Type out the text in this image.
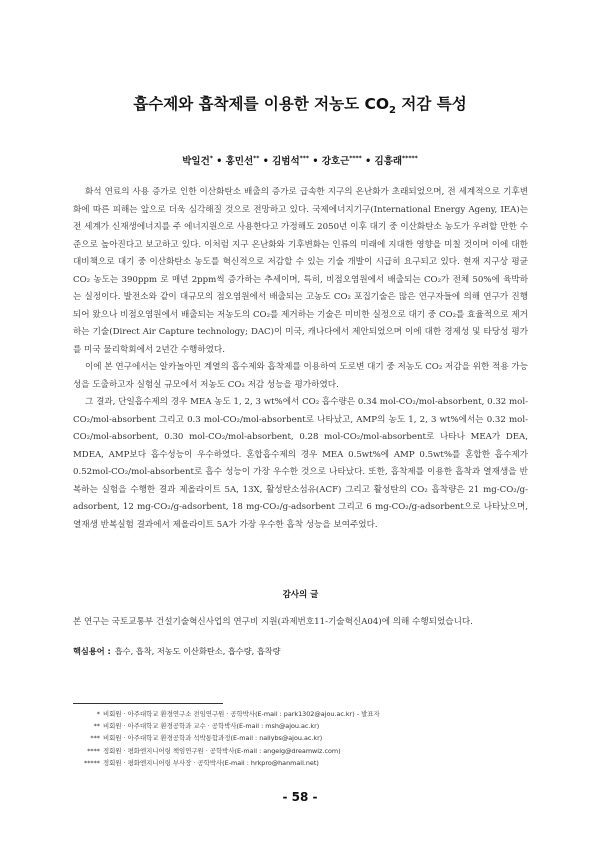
흡수제와 흡착제를 이용한 저농도 $CO_2$ 저감 특성
박일건* • 홍민선** • 김범석*** • 강호근**** • 김흥래*****

화석 연료의 사용 증가로 인한 이산화탄소 배출의 증가로 급속한 지구의 온난화가 초래되었으며, 전 세계적으로 기후변화에 따른 피해는 앞으로 더욱 심각해질 것으로 전망하고 있다. 국제에너지기구(International Energy Ageny, IEA)는 전 세계가 신재생에너지를 주 에너지원으로 사용한다고 가정해도 2050년 이후 대기 중 이산화탄소 농도가 우려할 만한 수준으로 높아진다고 보고하고 있다. 이처럼 지구 온난화와 기후변화는 인류의 미래에 지대한 영향을 미칠 것이며 이에 대한 대비책으로 대기 중 이산화탄소 농도를 혁신적으로 저감할 수 있는 기술 개발이 시급히 요구되고 있다. 현재 지구상 평균 CO₂ 농도는 390ppm 로 매년 2ppm씩 증가하는 추세이며, 특히, 비점오염원에서 배출되는 CO₂가 전체 50%에 육박하는 실정이다. 발전소와 같이 대규모의 점오염원에서 배출되는 고농도 CO₂ 포집기술은 많은 연구자들에 의해 연구가 진행되어 왔으나 비점오염원에서 배출되는 저농도의 CO₂를 제거하는 기술은 미비한 실정으로 대기 중 CO₂를 효율적으로 제거하는 기술(Direct Air Capture technology; DAC)이 미국, 캐나다에서 제안되었으며 이에 대한 경제성 및 타당성 평가를 미국 물리학회에서 2년간 수행하였다.

이에 본 연구에서는 알카놀아민 계열의 흡수제와 흡착제를 이용하여 도로변 대기 중 저농도 CO₂ 저감을 위한 적용 가능성을 도출하고자 실험실 규모에서 저농도 CO₂ 저감 성능을 평가하였다.

그 결과, 단일흡수제의 경우 MEA 농도 1, 2, 3 wt%에서 CO₂ 흡수량은 0.34 mol-CO₂/mol-absorbent, 0.32 mol-CO₂/mol-absorbent 그리고 0.3 mol-CO₂/mol-absorbent로 나타났고, AMP의 농도 1, 2, 3 wt%에서는 0.32 mol-CO₂/mol-absorbent, 0.30 mol-CO₂/mol-absorbent, 0.28 mol-CO₂/mol-absorbent로 나타나 MEA가 DEA, MDEA, AMP보다 흡수성능이 우수하였다. 혼합흡수제의 경우 MEA 0.5wt%에 AMP 0.5wt%를 혼합한 흡수제가 0.52mol-CO₂/mol-absorbent로 흡수 성능이 가장 우수한 것으로 나타났다. 또한, 흡착제를 이용한 흡착과 열재생을 반복하는 실험을 수행한 결과 제올라이트 5A, 13X, 활성탄소섬유(ACF) 그리고 활성탄의 CO₂ 흡착량은 21 mg-CO₂/g-adsorbent, 12 mg-CO₂/g-adsorbent, 18 mg-CO₂/g-adsorbent 그리고 6 mg-CO₂/g-adsorbent으로 나타났으며, 열재생 반복실험 결과에서 제올라이트 5A가 가장 우수한 흡착 성능을 보여주었다.

감사의 글
본 연구는 국토교통부 건설기술혁신사업의 연구비 지원(과제번호11-기술혁신A04)에 의해 수행되었습니다.
핵심용어 : 흡수, 흡착, 저농도 이산화탄소, 흡수량, 흡착량
* 비회원 · 아주대학교 환경연구소 전임연구원 · 공학박사(E-mail : park1302@ajou.ac.kr) - 발표자
** 비회원 · 아주대학교 환경공학과 교수 · 공학박사(E-mail : msh@ajou.ac.kr)
*** 비회원 · 아주대학교 환경공학과 석박통합과정(E-mail : nallybs@ajou.ac.kr)
**** 정회원 · 평화엔지니어링 책임연구원 · 공학박사(E-mail : angelg@dreamwiz.com)
***** 정회원 · 평화엔지니어링 부사장 · 공학박사(E-mail : hrkpro@hanmail.net)
- 58 -
